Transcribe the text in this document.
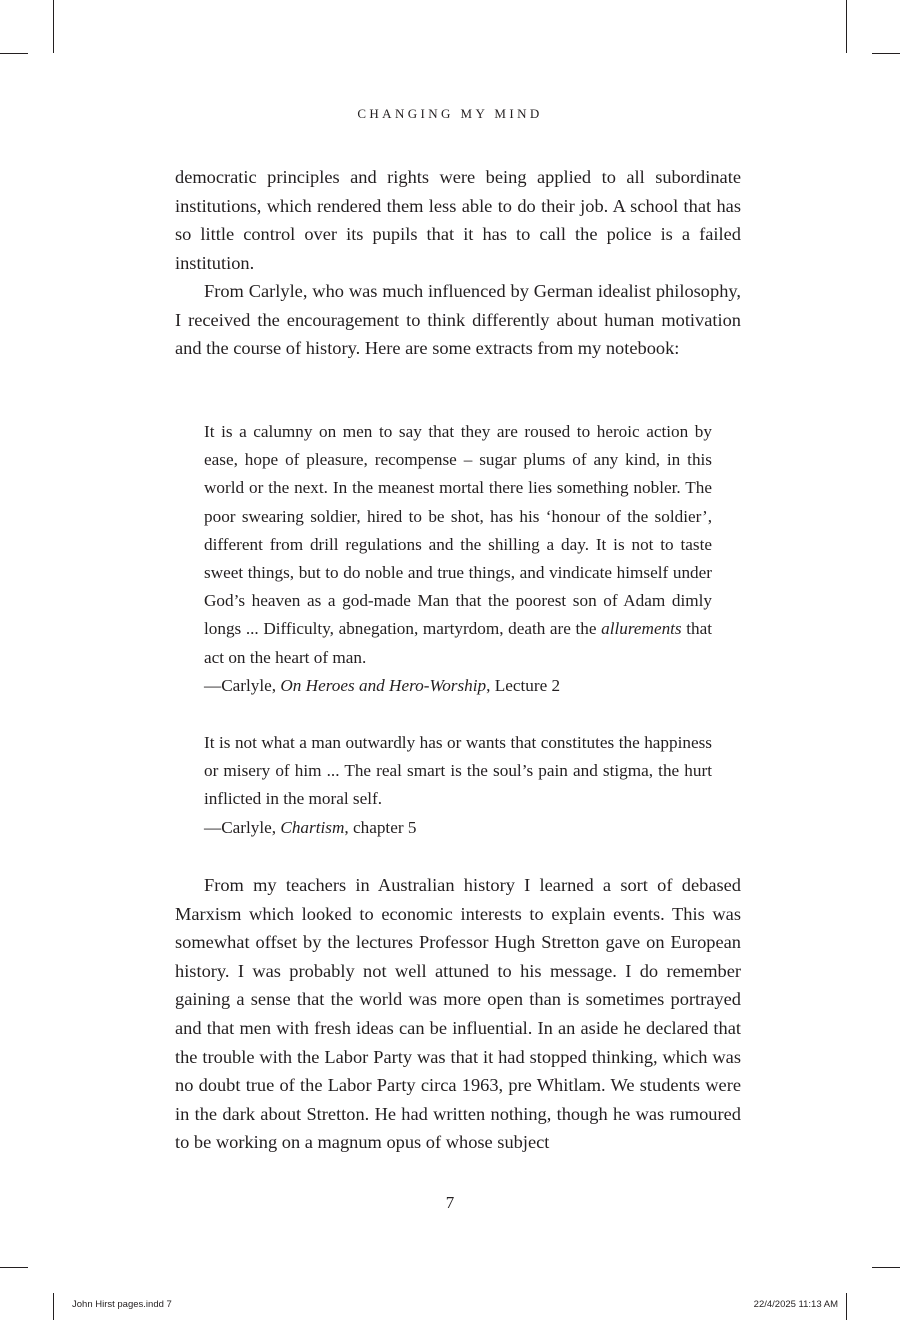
CHANGING MY MIND

democratic principles and rights were being applied to all subordinate institutions, which rendered them less able to do their job. A school that has so little control over its pupils that it has to call the police is a failed institution.

From Carlyle, who was much influenced by German idealist philosophy, I received the encouragement to think differently about human motivation and the course of history. Here are some extracts from my notebook:

It is a calumny on men to say that they are roused to heroic action by ease, hope of pleasure, recompense – sugar plums of any kind, in this world or the next. In the meanest mortal there lies something nobler. The poor swearing soldier, hired to be shot, has his ‘honour of the soldier’, different from drill regulations and the shilling a day. It is not to taste sweet things, but to do noble and true things, and vindicate himself under God’s heaven as a god-made Man that the poorest son of Adam dimly longs ... Difficulty, abnegation, martyrdom, death are the allurements that act on the heart of man.

—Carlyle, On Heroes and Hero-Worship, Lecture 2

It is not what a man outwardly has or wants that constitutes the happiness or misery of him ... The real smart is the soul’s pain and stigma, the hurt inflicted in the moral self.

—Carlyle, Chartism, chapter 5

From my teachers in Australian history I learned a sort of debased Marxism which looked to economic interests to explain events. This was somewhat offset by the lectures Professor Hugh Stretton gave on European history. I was probably not well attuned to his message. I do remember gaining a sense that the world was more open than is sometimes portrayed and that men with fresh ideas can be influential. In an aside he declared that the trouble with the Labor Party was that it had stopped thinking, which was no doubt true of the Labor Party circa 1963, pre Whitlam. We students were in the dark about Stretton. He had written nothing, though he was rumoured to be working on a magnum opus of whose subject

7
John Hirst pages.indd 7	22/4/2025 11:13 AM
